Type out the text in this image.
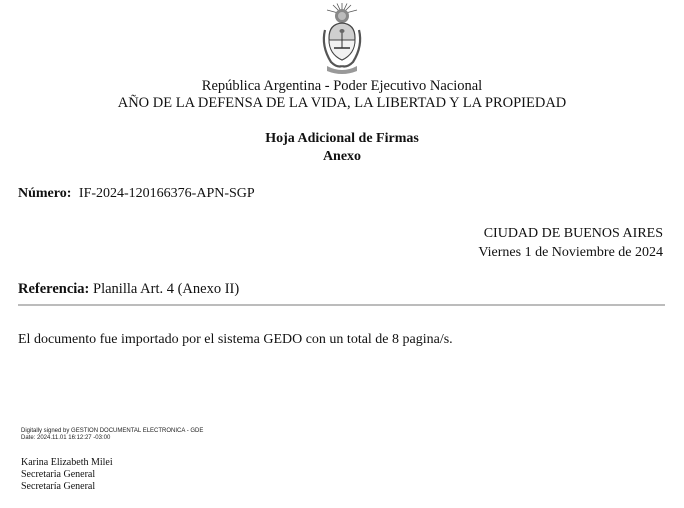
República Argentina - Poder Ejecutivo Nacional
AÑO DE LA DEFENSA DE LA VIDA, LA LIBERTAD Y LA PROPIEDAD
Hoja Adicional de Firmas
Anexo
Número: IF-2024-120166376-APN-SGP
CIUDAD DE BUENOS AIRES
Viernes 1 de Noviembre de 2024
Referencia: Planilla Art. 4 (Anexo II)
El documento fue importado por el sistema GEDO con un total de 8 pagina/s.
Digitally signed by GESTION DOCUMENTAL ELECTRONICA - GDE
Date: 2024.11.01 16:12:27 -03:00
Karina Elizabeth Milei
Secretaria General
Secretaría General
